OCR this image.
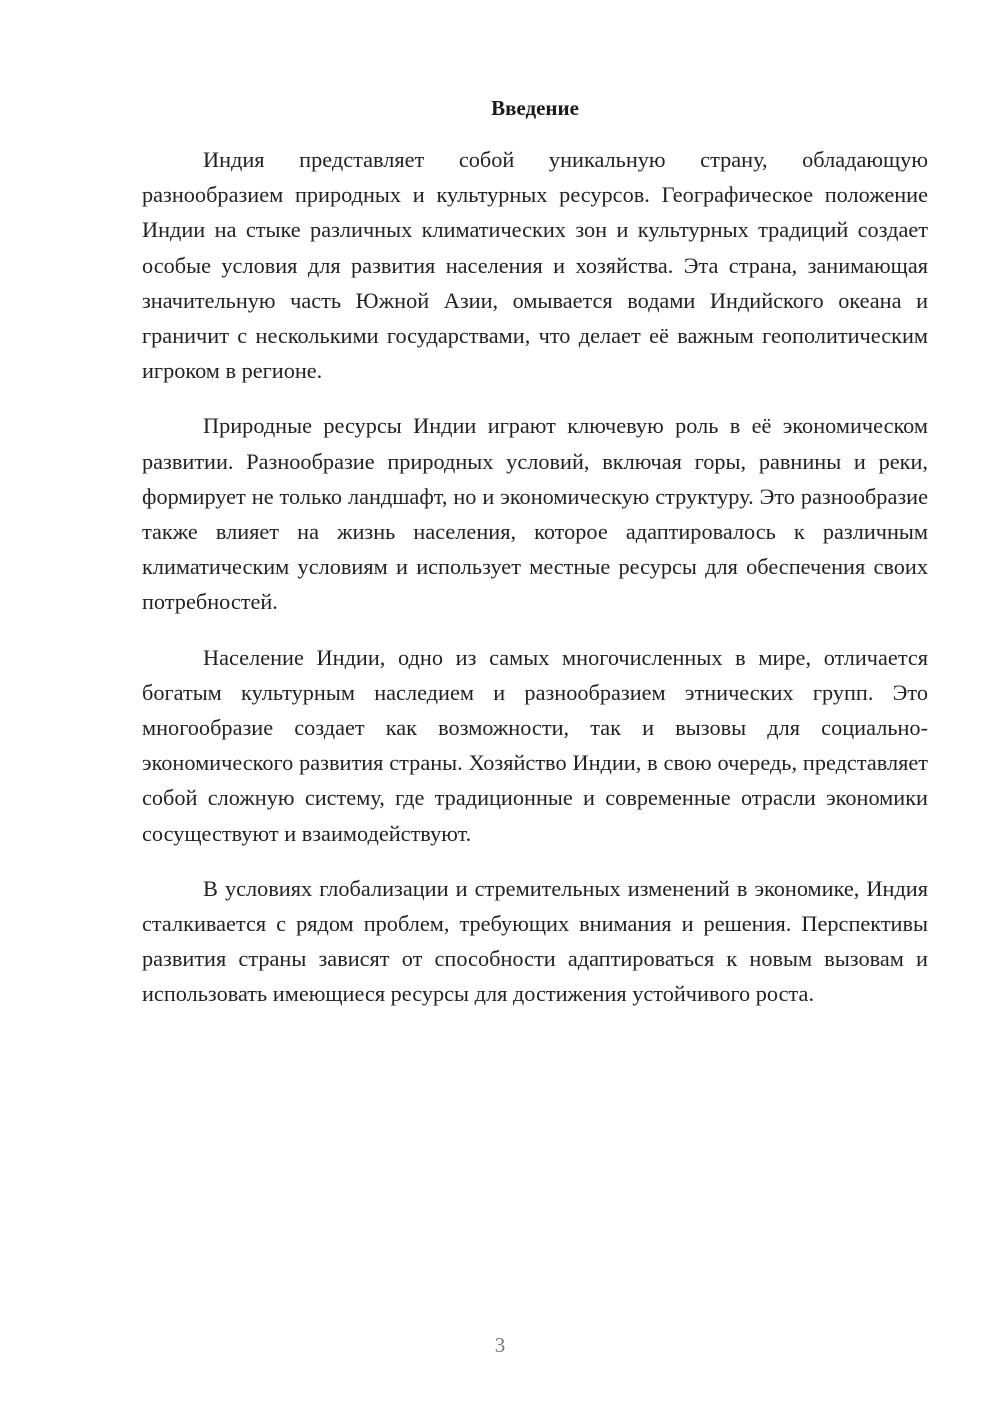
Введение

Индия представляет собой уникальную страну, обладающую разнообразием природных и культурных ресурсов. Географическое положение Индии на стыке различных климатических зон и культурных традиций создает особые условия для развития населения и хозяйства. Эта страна, занимающая значительную часть Южной Азии, омывается водами Индийского океана и граничит с несколькими государствами, что делает её важным геополитическим игроком в регионе.

Природные ресурсы Индии играют ключевую роль в её экономическом развитии. Разнообразие природных условий, включая горы, равнины и реки, формирует не только ландшафт, но и экономическую структуру. Это разнообразие также влияет на жизнь населения, которое адаптировалось к различным климатическим условиям и использует местные ресурсы для обеспечения своих потребностей.

Население Индии, одно из самых многочисленных в мире, отличается богатым культурным наследием и разнообразием этнических групп. Это многообразие создает как возможности, так и вызовы для социально-экономического развития страны. Хозяйство Индии, в свою очередь, представляет собой сложную систему, где традиционные и современные отрасли экономики сосуществуют и взаимодействуют.

В условиях глобализации и стремительных изменений в экономике, Индия сталкивается с рядом проблем, требующих внимания и решения. Перспективы развития страны зависят от способности адаптироваться к новым вызовам и использовать имеющиеся ресурсы для достижения устойчивого роста.

3
